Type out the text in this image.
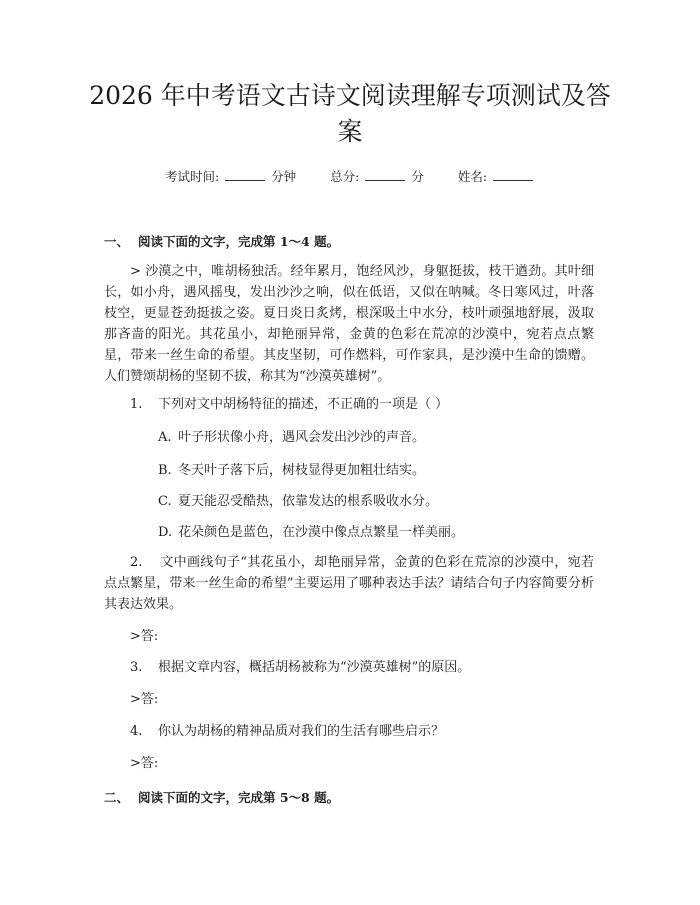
2026 年中考语文古诗文阅读理解专项测试及答案
考试时间:	分钟	总分:	分	姓名:
一、 阅读下面的文字，完成第 1～4 题。

> 沙漠之中，唯胡杨独活。经年累月，饱经风沙，身躯挺拔，枝干遒劲。其叶细长，如小舟，遇风摇曳，发出沙沙之响，似在低语，又似在呐喊。冬日寒风过，叶落枝空，更显苍劲挺拔之姿。夏日炎日炙烤，根深吸土中水分，枝叶顽强地舒展，汲取那吝啬的阳光。其花虽小，却艳丽异常，金黄的色彩在荒凉的沙漠中，宛若点点繁星，带来一丝生命的希望。其皮坚韧，可作燃料，可作家具，是沙漠中生命的馈赠。人们赞颂胡杨的坚韧不拔，称其为“沙漠英雄树”。

1. 下列对文中胡杨特征的描述，不正确的一项是（ ）
A. 叶子形状像小舟，遇风会发出沙沙的声音。
B. 冬天叶子落下后，树枝显得更加粗壮结实。
C. 夏天能忍受酷热，依靠发达的根系吸收水分。
D. 花朵颜色是蓝色，在沙漠中像点点繁星一样美丽。

2. 文中画线句子“其花虽小，却艳丽异常，金黄的色彩在荒凉的沙漠中，宛若点点繁星，带来一丝生命的希望”主要运用了哪种表达手法？请结合句子内容简要分析其表达效果。

>答:
3. 根据文章内容，概括胡杨被称为“沙漠英雄树”的原因。
>答:
4. 你认为胡杨的精神品质对我们的生活有哪些启示？
>答:
二、 阅读下面的文字，完成第 5～8 题。
